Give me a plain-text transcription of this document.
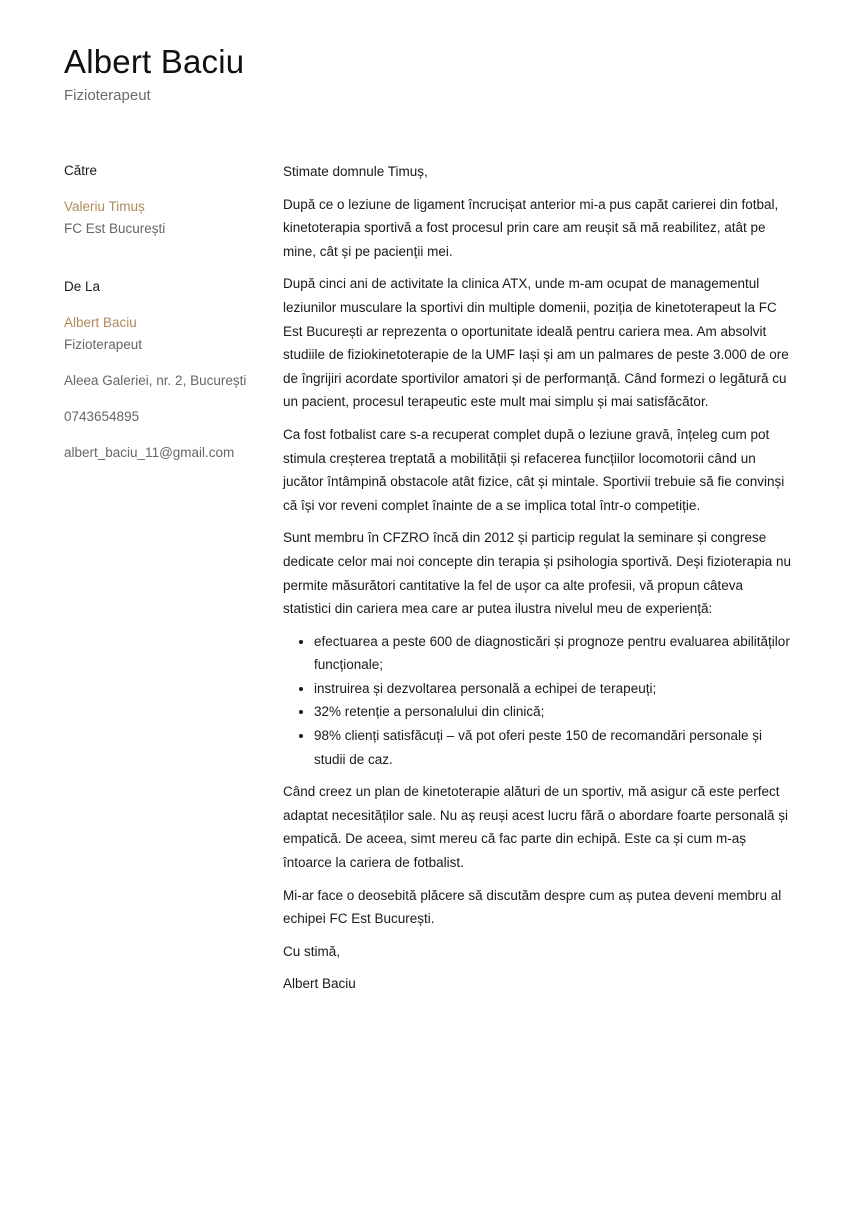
Albert Baciu
Fizioterapeut
Către
Valeriu Timuș
FC Est București
De La
Albert Baciu
Fizioterapeut
Aleea Galeriei, nr. 2, București
0743654895
albert_baciu_11@gmail.com

Stimate domnule Timuș,

După ce o leziune de ligament încrucișat anterior mi-a pus capăt carierei din fotbal, kinetoterapia sportivă a fost procesul prin care am reușit să mă reabilitez, atât pe mine, cât și pe pacienții mei.

După cinci ani de activitate la clinica ATX, unde m-am ocupat de managementul leziunilor musculare la sportivi din multiple domenii, poziția de kinetoterapeut la FC Est București ar reprezenta o oportunitate ideală pentru cariera mea. Am absolvit studiile de fiziokinetoterapie de la UMF Iași și am un palmares de peste 3.000 de ore de îngrijiri acordate sportivilor amatori și de performanță. Când formezi o legătură cu un pacient, procesul terapeutic este mult mai simplu și mai satisfăcător.

Ca fost fotbalist care s-a recuperat complet după o leziune gravă, înțeleg cum pot stimula creșterea treptată a mobilității și refacerea funcțiilor locomotorii când un jucător întâmpină obstacole atât fizice, cât și mintale. Sportivii trebuie să fie convinși că își vor reveni complet înainte de a se implica total într-o competiție.

Sunt membru în CFZRO încă din 2012 și particip regulat la seminare și congrese dedicate celor mai noi concepte din terapia și psihologia sportivă. Deși fizioterapia nu permite măsurători cantitative la fel de ușor ca alte profesii, vă propun câteva statistici din cariera mea care ar putea ilustra nivelul meu de experiență:

• efectuarea a peste 600 de diagnosticări și prognoze pentru evaluarea abilităților funcționale;
• instruirea și dezvoltarea personală a echipei de terapeuți;
• 32% retenție a personalului din clinică;
• 98% clienți satisfăcuți – vă pot oferi peste 150 de recomandări personale și studii de caz.

Când creez un plan de kinetoterapie alături de un sportiv, mă asigur că este perfect adaptat necesităților sale. Nu aș reuși acest lucru fără o abordare foarte personală și empatică. De aceea, simt mereu că fac parte din echipă. Este ca și cum m-aș întoarce la cariera de fotbalist.

Mi-ar face o deosebită plăcere să discutăm despre cum aș putea deveni membru al echipei FC Est București.

Cu stimă,

Albert Baciu
